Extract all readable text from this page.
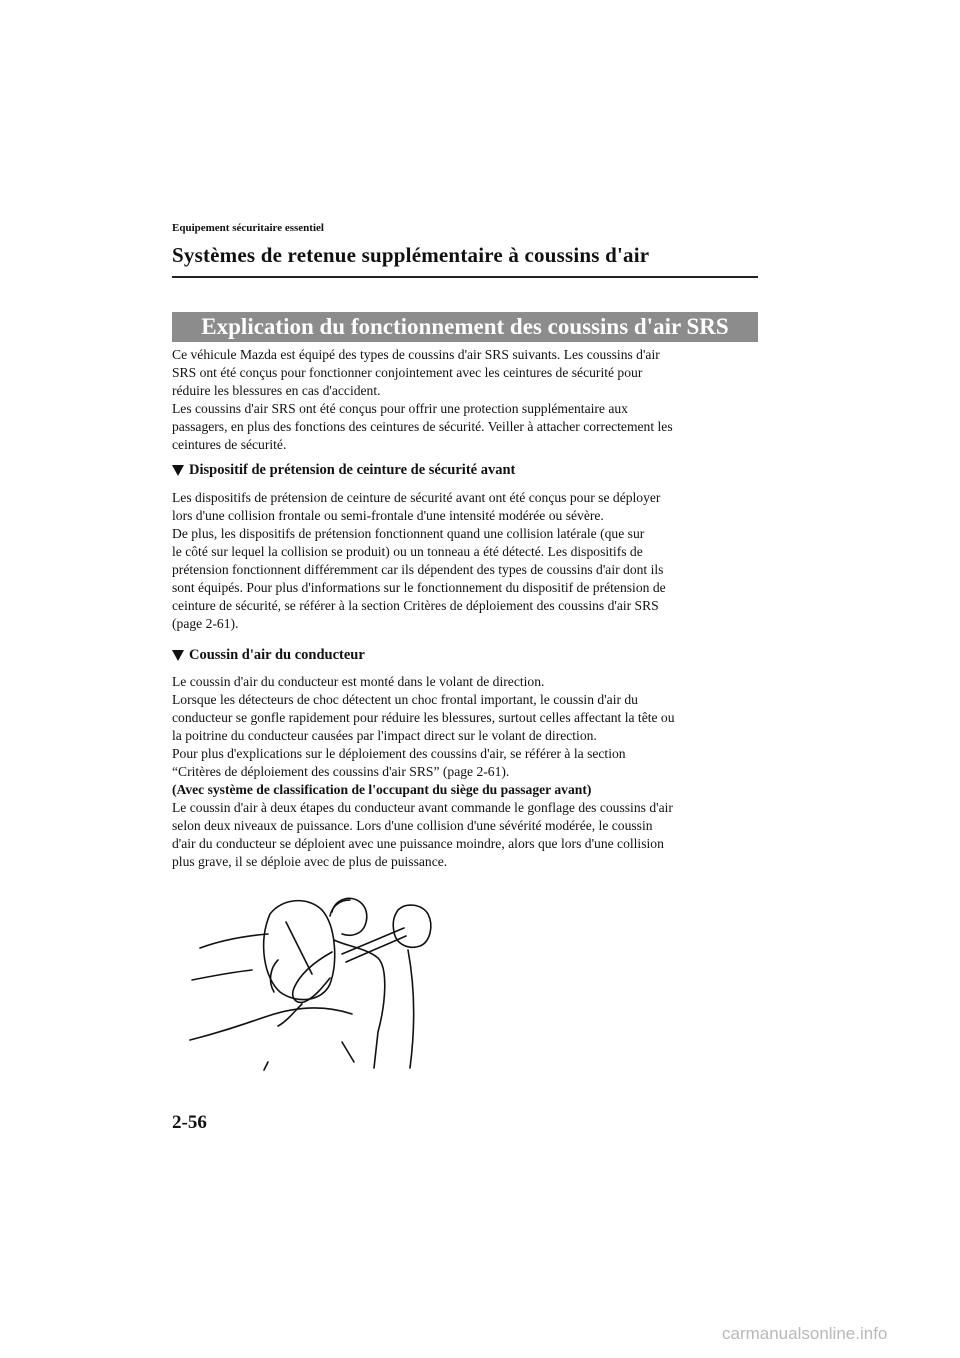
Equipement sécuritaire essentiel
Systèmes de retenue supplémentaire à coussins d'air
Explication du fonctionnement des coussins d'air SRS
Ce véhicule Mazda est équipé des types de coussins d'air SRS suivants. Les coussins d'air
SRS ont été conçus pour fonctionner conjointement avec les ceintures de sécurité pour
réduire les blessures en cas d'accident.
Les coussins d'air SRS ont été conçus pour offrir une protection supplémentaire aux
passagers, en plus des fonctions des ceintures de sécurité. Veiller à attacher correctement les
ceintures de sécurité.
Dispositif de prétension de ceinture de sécurité avant
Les dispositifs de prétension de ceinture de sécurité avant ont été conçus pour se déployer
lors d'une collision frontale ou semi-frontale d'une intensité modérée ou sévère.
De plus, les dispositifs de prétension fonctionnent quand une collision latérale (que sur
le côté sur lequel la collision se produit) ou un tonneau a été détecté. Les dispositifs de
prétension fonctionnent différemment car ils dépendent des types de coussins d'air dont ils
sont équipés. Pour plus d'informations sur le fonctionnement du dispositif de prétension de
ceinture de sécurité, se référer à la section Critères de déploiement des coussins d'air SRS
(page 2-61).
Coussin d'air du conducteur
Le coussin d'air du conducteur est monté dans le volant de direction.
Lorsque les détecteurs de choc détectent un choc frontal important, le coussin d'air du
conducteur se gonfle rapidement pour réduire les blessures, surtout celles affectant la tête ou
la poitrine du conducteur causées par l'impact direct sur le volant de direction.
Pour plus d'explications sur le déploiement des coussins d'air, se référer à la section
“Critères de déploiement des coussins d'air SRS” (page 2-61).
(Avec système de classification de l'occupant du siège du passager avant)
Le coussin d'air à deux étapes du conducteur avant commande le gonflage des coussins d'air
selon deux niveaux de puissance. Lors d'une collision d'une sévérité modérée, le coussin
d'air du conducteur se déploient avec une puissance moindre, alors que lors d'une collision
plus grave, il se déploie avec de plus de puissance.
2-56
carmanualsonline.info
